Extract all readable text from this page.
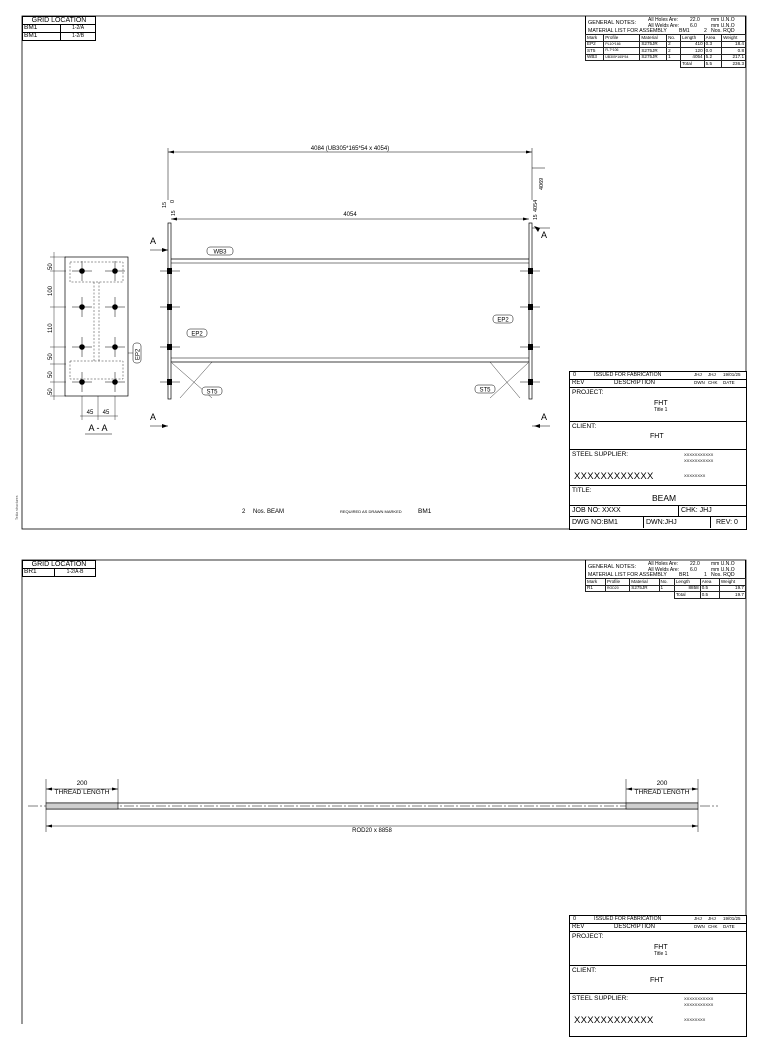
4084 (UB305*165*54 x 4054)
4054
15
0
15
4069
4054
15
A
A
A
A
WB3
EP2
EP2
ST5	ST5
50
100
110
50
50
50
45 45
EP2
A - A
Tekla structures	2 Nos. BEAM	REQUIRED AS DRAWN MARKED	BM1
GRID LOCATION	
BM1	1-2/A
BM1	1-2/B
GENERAL NOTES: All Holes Are: 22.0 mm U.N.O
All Welds Are: 6.0	mm U.N.O
MATERIAL LIST FOR ASSEMBLY BM1	2 Nos. RQD
Mark	Profile	Material	No.	Length	Area	Weight
EP2	PL10*166	S275JR	2	410	0.3	18.4
ST5	FL7*106	S275JR	2	120	0.0	0.8
WB3	UB305*165*54	S275JR	1	4054	5.2	217.1
				Total	5.5	236.3
0	ISSUED FOR FABRICATION	JHJ JHJ 19/01/25
REV	DESCRIPTION	DWN CHK DATE
PROJECT:
FHT
Title 1
CLIENT:
FHT
STEEL SUPPLIER:	XXXXXXXXXXX
XXXXXXXXXXX
XXXXXXXXXXXX	XXXXXXXX
TITLE:
BEAM
JOB NO: XXXX	CHK: JHJ
DWG NO:BM1	DWN:JHJ	REV: 0
200
THREAD LENGTH
200
THREAD LENGTH
ROD20 x 8858
GRID LOCATION
BR1	1-2/A-B
GENERAL NOTES: All Holes Are: 22.0 mm U.N.O
All Welds Are: 6.0	mm U.N.O
MATERIAL LIST FOR ASSEMBLY BR1	1 Nos. RQD
Mark	Profile	Material	No.	Length	Area	Weight
R1	ROD20	S275JR	1	8858	0.5	19.7
				Total	0.5	19.7
0	ISSUED FOR FABRICATION	JHJ JHJ 19/01/25
REV	DESCRIPTION	DWN CHK DATE
PROJECT:
FHT
Title 1
CLIENT:
FHT
STEEL SUPPLIER:	XXXXXXXXXXX
XXXXXXXXXXX
XXXXXXXXXXXX	XXXXXXXX
